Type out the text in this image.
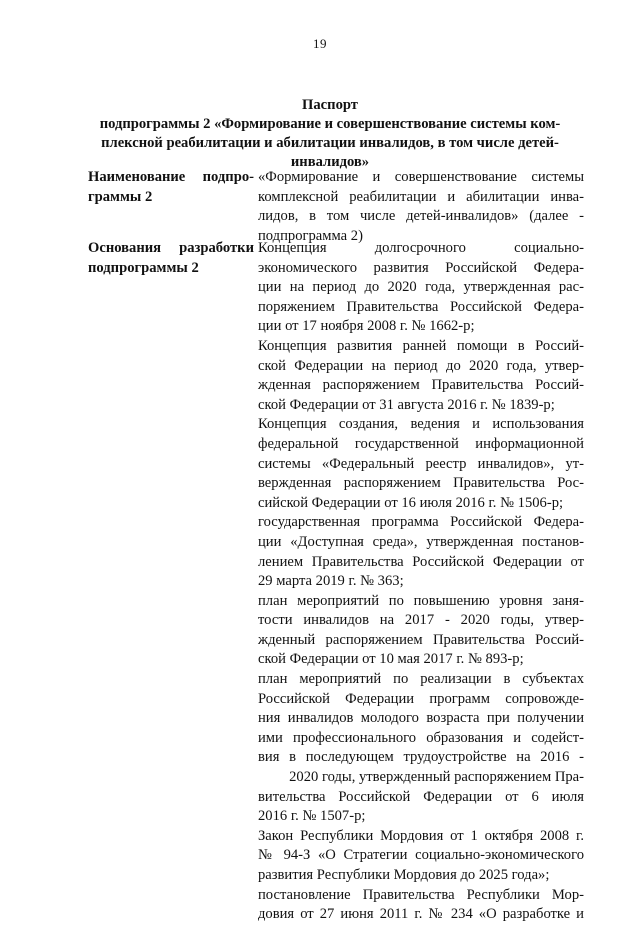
19
Паспорт
подпрограммы 2 «Формирование и совершенствование системы ком-
плексной реабилитации и абилитации инвалидов, в том числе детей-
инвалидов»
Наименование подпро-
граммы 2
«Формирование и совершенствование системы
комплексной реабилитации и абилитации инва-
лидов, в том числе детей-инвалидов» (далее -
подпрограмма 2)
Основания разработки
подпрограммы 2
Концепция долгосрочного социально-
экономического развития Российской Федера-
ции на период до 2020 года, утвержденная рас-
поряжением Правительства Российской Федера-
ции от 17 ноября 2008 г. № 1662-р;
Концепция развития ранней помощи в Россий-
ской Федерации на период до 2020 года, утвер-
жденная распоряжением Правительства Россий-
ской Федерации от 31 августа 2016 г. № 1839-р;
Концепция создания, ведения и использования
федеральной государственной информационной
системы «Федеральный реестр инвалидов», ут-
вержденная распоряжением Правительства Рос-
сийской Федерации от 16 июля 2016 г. № 1506-р;
государственная программа Российской Федера-
ции «Доступная среда», утвержденная постанов-
лением Правительства Российской Федерации от
29 марта 2019 г. № 363;
план мероприятий по повышению уровня заня-
тости инвалидов на 2017 - 2020 годы, утвер-
жденный распоряжением Правительства Россий-
ской Федерации от 10 мая 2017 г. № 893-р;
план мероприятий по реализации в субъектах
Российской Федерации программ сопровожде-
ния инвалидов молодого возраста при получении
ими профессионального образования и содейст-
вия в последующем трудоустройстве на 2016 -
2020 годы, утвержденный распоряжением Пра-
вительства Российской Федерации от 6 июля
2016 г. № 1507-р;
Закон Республики Мордовия от 1 октября 2008 г.
№ 94-З «О Стратегии социально-экономического
развития Республики Мордовия до 2025 года»;
постановление Правительства Республики Мор-
довия от 27 июня 2011 г. № 234 «О разработке и
